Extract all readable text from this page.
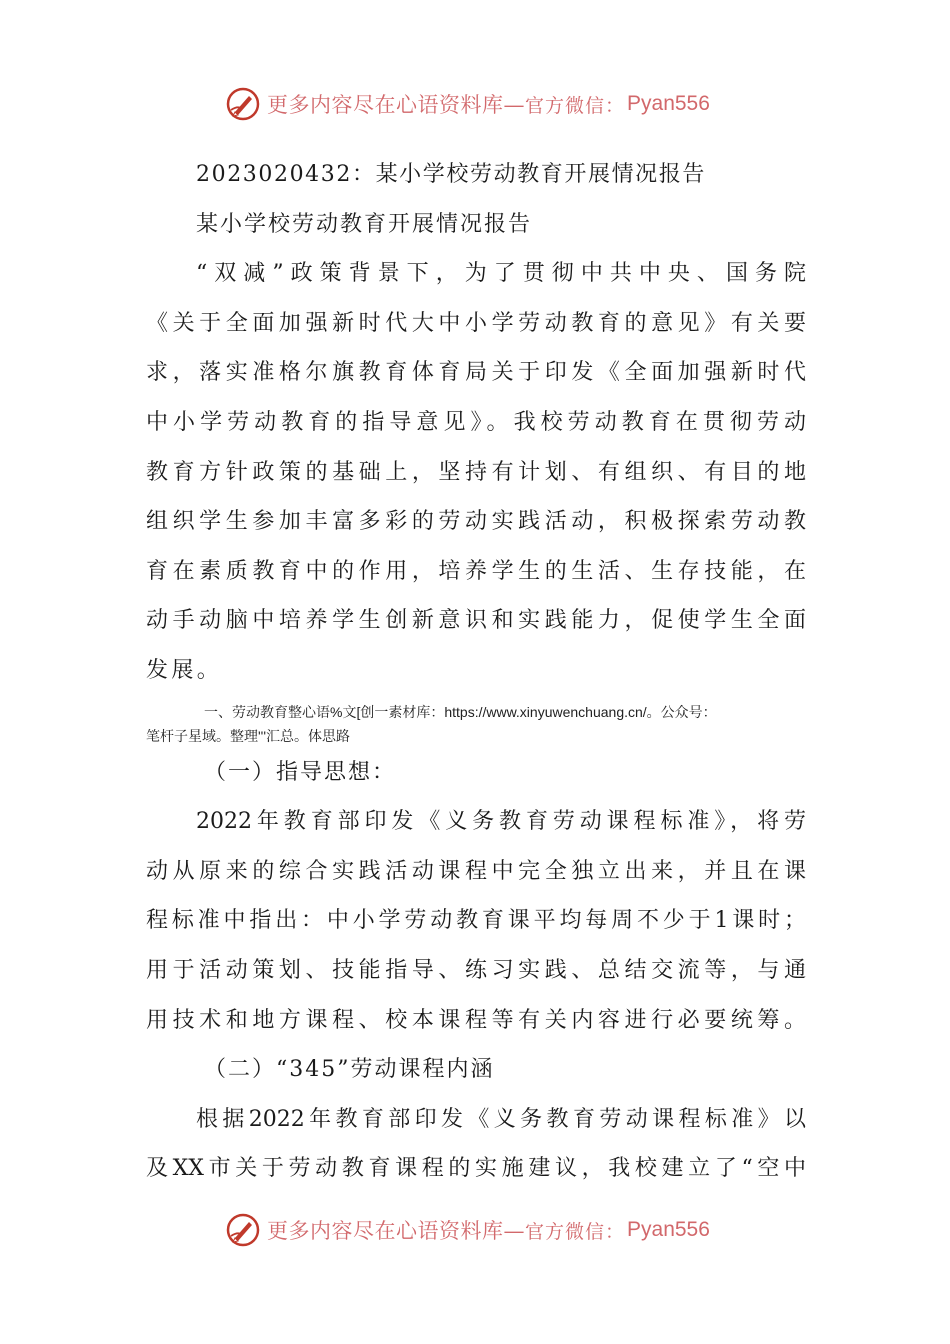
更多内容尽在心语资料库— 官方微信： Pyan556
2023020432：某小学校劳动教育开展情况报告
某小学校劳动教育开展情况报告
“双减”政策背景下，为了贯彻中共中央、国务院
《关于全面加强新时代大中小学劳动教育的意见》有关要
求，落实准格尔旗教育体育局关于印发《全面加强新时代
中小学劳动教育的指导意见》。我校劳动教育在贯彻劳动
教育方针政策的基础上，坚持有计划、有组织、有目的地
组织学生参加丰富多彩的劳动实践活动，积极探索劳动教
育在素质教育中的作用，培养学生的生活、生存技能，在
动手动脑中培养学生创新意识和实践能力，促使学生全面
发展。
一、劳动教育整心语%文[创一素材库：https://www.xinyuwenchuang.cn/。公众号：
笔杆子星域。整理'''汇总。体思路
（一）指导思想：
2022年教育部印发《义务教育劳动课程标准》，将劳
动从原来的综合实践活动课程中完全独立出来，并且在课
程标准中指出：中小学劳动教育课平均每周不少于1课时；
用于活动策划、技能指导、练习实践、总结交流等，与通
用技术和地方课程、校本课程等有关内容进行必要统筹。
（二）“345”劳动课程内涵
根据2022年教育部印发《义务教育劳动课程标准》以
及XX市关于劳动教育课程的实施建议，我校建立了“空中
更多内容尽在心语资料库— 官方微信： Pyan556
